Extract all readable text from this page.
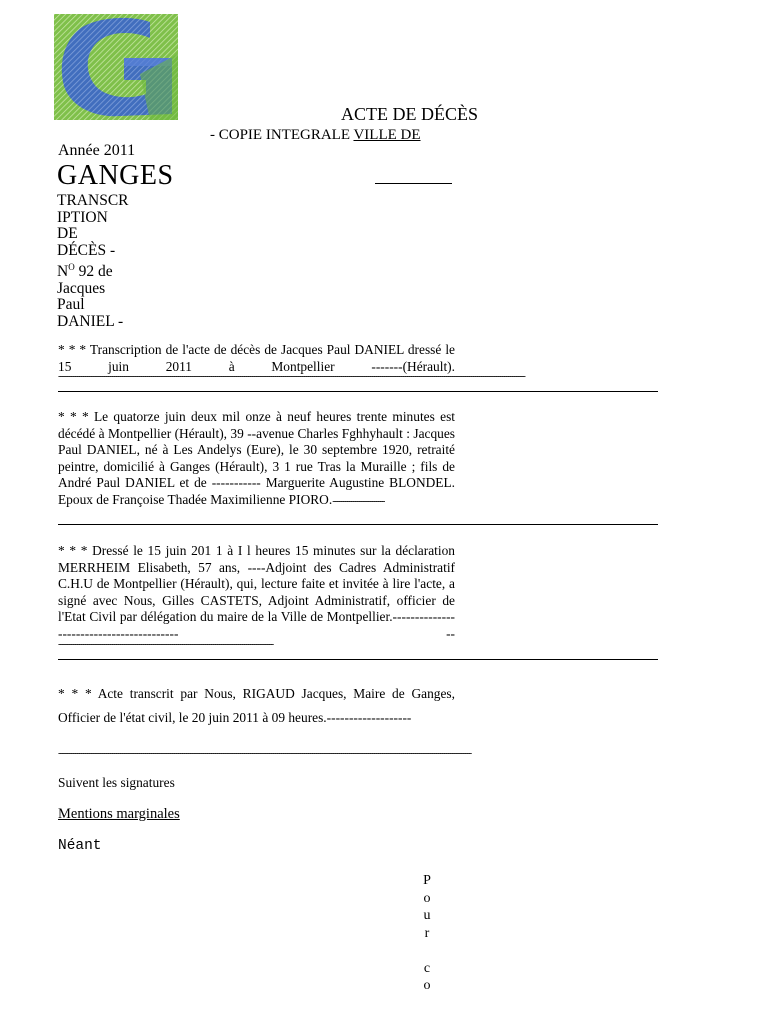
ACTE DE DÉCÈS
- COPIE INTEGRALE VILLE DE
Année 2011
GANGES
TRANSCR
IPTION
DE
DÉCÈS -
$N^O$ 92 de
Jacques
Paul
DANIEL -
* * * Transcription de l'acte de décès de Jacques Paul DANIEL dressé le 15 juin 2011 à Montpellier -------(Hérault).
----------------------------------------------------------------------------------------------------------------------------------------------------------------------------------------------------------------------------------
* * * Le quatorze juin deux mil onze à neuf heures trente minutes est décédé à Montpellier (Hérault), 39 --avenue Charles Fghhyhault : Jacques Paul DANIEL, né à Les Andelys (Eure), le 30 septembre 1920, retraité peintre, domicilié à Ganges (Hérault), 3 1 rue Tras la Muraille ; fils de André Paul DANIEL et de ----------- Marguerite Augustine BLONDEL. Epoux de Françoise Thadée Maximilienne PIORO.-------------------------
* * * Dressé le 15 juin 201 1 à I l heures 15 minutes sur la déclaration MERRHEIM Elisabeth, 57 ans, ----Adjoint des Cadres Administratif C.H.U de Montpellier (Hérault), qui, lecture faite et invitée à lire l'acte, a signé avec Nous, Gilles CASTETS, Adjoint Administratif, officier de l'Etat Civil par délégation du maire de la Ville de Montpellier.----------------------------------------- --
--------------------------------------------------------------------------------------------------------
* * * Acte transcrit par Nous, RIGAUD Jacques, Maire de Ganges, Officier de l'état civil, le 20 juin 2011 à 09 heures.-------------------
--------------------------------------------------------------------------------------------------------------------------------------------------------------------------------------------------------
Suivent les signatures
Mentions marginales
Néant
P
o
u
r
c
o
